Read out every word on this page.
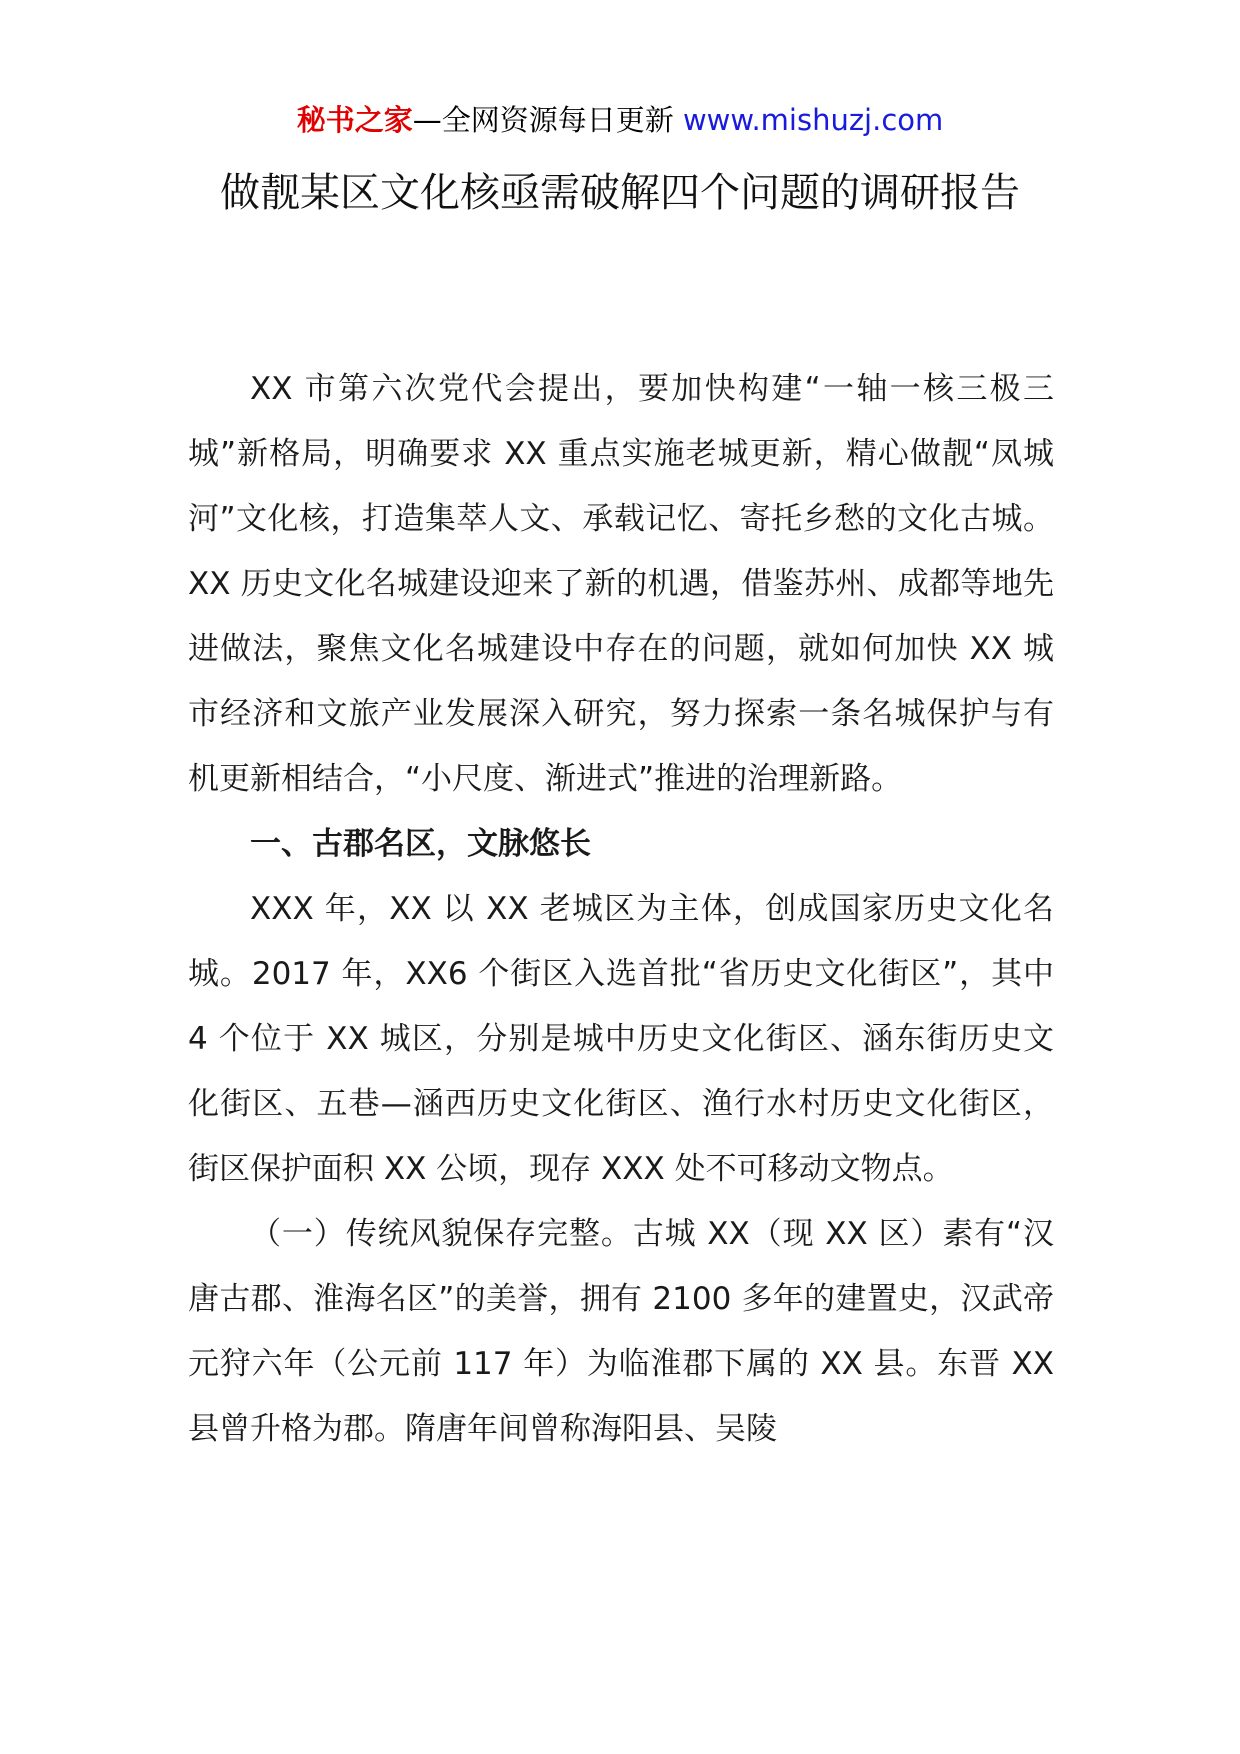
秘书之家—全网资源每日更新 www.mishuzj.com
做靓某区文化核亟需破解四个问题的调研报告

XX 市第六次党代会提出，要加快构建“一轴一核三极三城”新格局，明确要求 XX 重点实施老城更新，精心做靓“凤城河”文化核，打造集萃人文、承载记忆、寄托乡愁的文化古城。XX 历史文化名城建设迎来了新的机遇，借鉴苏州、成都等地先进做法，聚焦文化名城建设中存在的问题，就如何加快 XX 城市经济和文旅产业发展深入研究，努力探索一条名城保护与有机更新相结合，“小尺度、渐进式”推进的治理新路。

一、古郡名区，文脉悠长

XXX 年，XX 以 XX 老城区为主体，创成国家历史文化名城。2017 年，XX6 个街区入选首批“省历史文化街区”，其中 4 个位于 XX 城区，分别是城中历史文化街区、涵东街历史文化街区、五巷—涵西历史文化街区、渔行水村历史文化街区，街区保护面积 XX 公顷，现存 XXX 处不可移动文物点。

（一）传统风貌保存完整。古城 XX（现 XX 区）素有“汉唐古郡、淮海名区”的美誉，拥有 2100 多年的建置史，汉武帝元狩六年（公元前 117 年）为临淮郡下属的 XX 县。东晋 XX 县曾升格为郡。隋唐年间曾称海阳县、吴陵
